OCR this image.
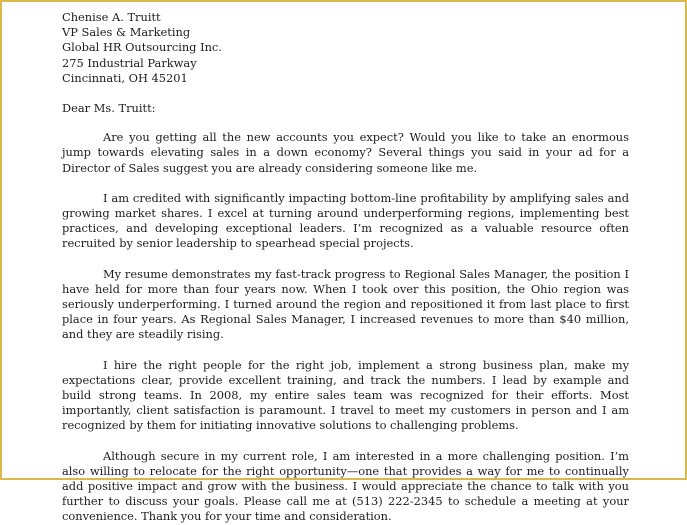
Chenise A. Truitt
VP Sales & Marketing
Global HR Outsourcing Inc.
275 Industrial Parkway
Cincinnati, OH 45201
Dear Ms. Truitt:

Are you getting all the new accounts you expect? Would you like to take an enormous jump towards elevating sales in a down economy? Several things you said in your ad for a Director of Sales suggest you are already considering someone like me.

I am credited with significantly impacting bottom-line profitability by amplifying sales and growing market shares. I excel at turning around underperforming regions, implementing best practices, and developing exceptional leaders. I’m recognized as a valuable resource often recruited by senior leadership to spearhead special projects.

My resume demonstrates my fast-track progress to Regional Sales Manager, the position I have held for more than four years now. When I took over this position, the Ohio region was seriously underperforming. I turned around the region and repositioned it from last place to first place in four years. As Regional Sales Manager, I increased revenues to more than $40 million, and they are steadily rising.

I hire the right people for the right job, implement a strong business plan, make my expectations clear, provide excellent training, and track the numbers. I lead by example and build strong teams. In 2008, my entire sales team was recognized for their efforts. Most importantly, client satisfaction is paramount. I travel to meet my customers in person and I am recognized by them for initiating innovative solutions to challenging problems.

Although secure in my current role, I am interested in a more challenging position. I’m also willing to relocate for the right opportunity—one that provides a way for me to continually add positive impact and grow with the business. I would appreciate the chance to talk with you further to discuss your goals. Please call me at (513) 222-2345 to schedule a meeting at your convenience. Thank you for your time and consideration.
